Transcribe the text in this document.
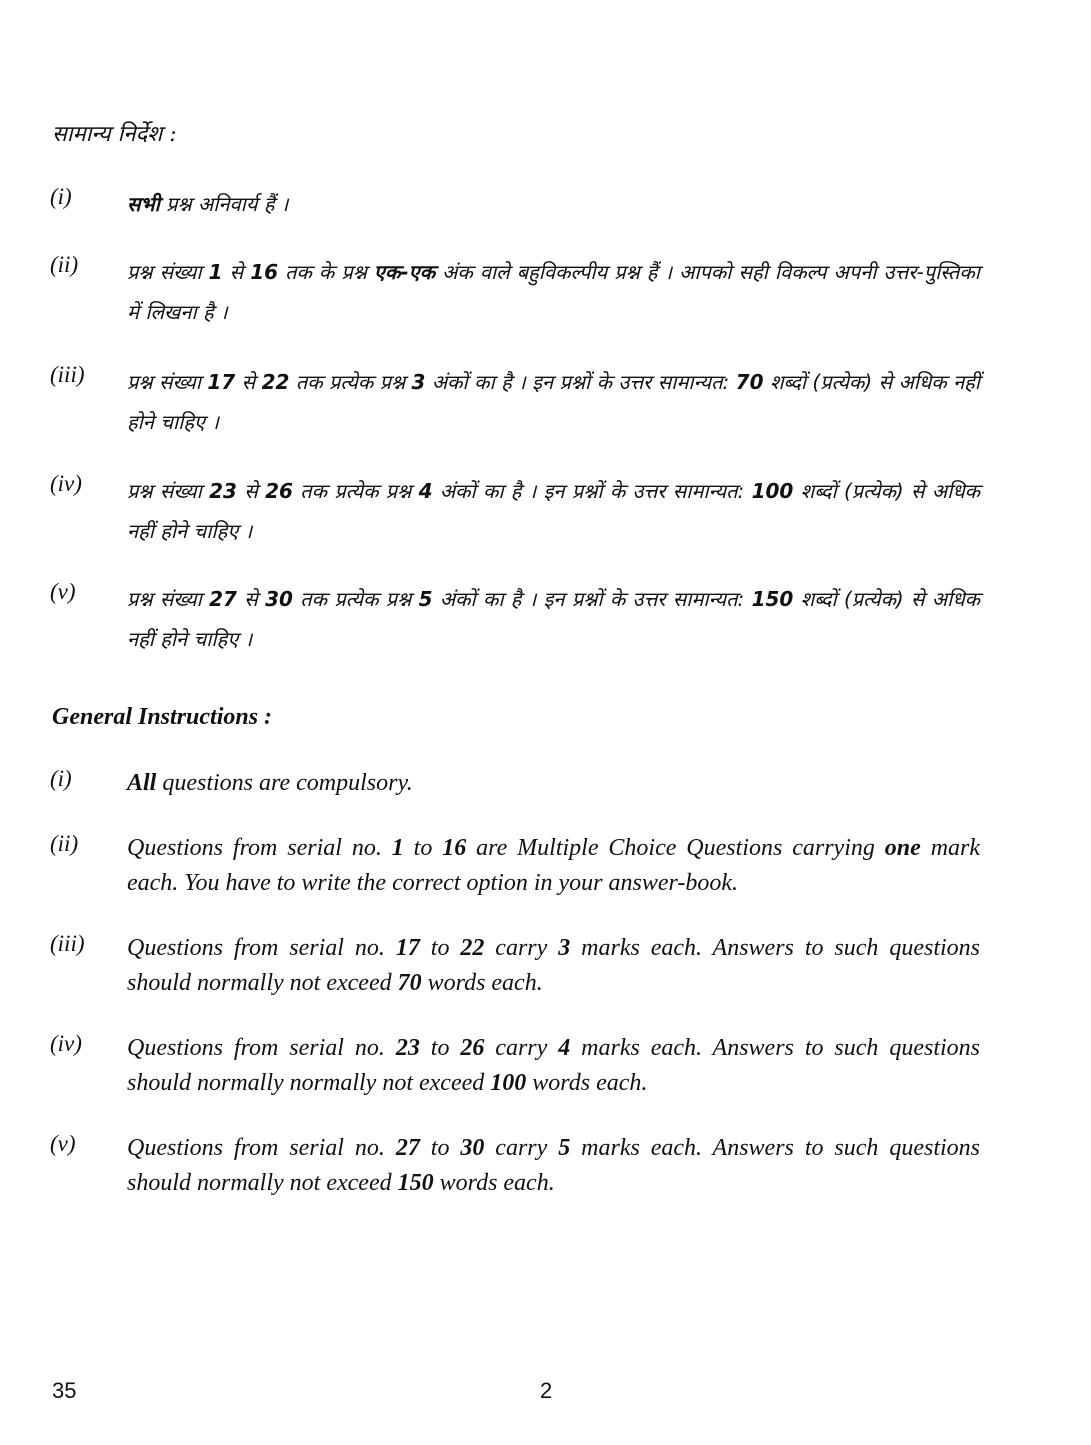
सामान्य निर्देश :
(i)	सभी प्रश्न अनिवार्य हैं ।
(ii)	प्रश्न संख्या 1 से 16 तक के प्रश्न एक-एक अंक वाले बहुविकल्पीय प्रश्न हैं । आपको सही विकल्प अपनी उत्तर-पुस्तिका में लिखना है ।
(iii)	प्रश्न संख्या 17 से 22 तक प्रत्येक प्रश्न 3 अंकों का है । इन प्रश्नों के उत्तर सामान्यत: 70 शब्दों (प्रत्येक) से अधिक नहीं होने चाहिए ।
(iv)	प्रश्न संख्या 23 से 26 तक प्रत्येक प्रश्न 4 अंकों का है । इन प्रश्नों के उत्तर सामान्यत: 100 शब्दों (प्रत्येक) से अधिक नहीं होने चाहिए ।
(v)	प्रश्न संख्या 27 से 30 तक प्रत्येक प्रश्न 5 अंकों का है । इन प्रश्नों के उत्तर सामान्यत: 150 शब्दों (प्रत्येक) से अधिक नहीं होने चाहिए ।
General Instructions :
(i)	All questions are compulsory.
(ii)	Questions from serial no. 1 to 16 are Multiple Choice Questions carrying one mark each. You have to write the correct option in your answer-book.
(iii)	Questions from serial no. 17 to 22 carry 3 marks each. Answers to such questions should normally not exceed 70 words each.
(iv)	Questions from serial no. 23 to 26 carry 4 marks each. Answers to such questions should normally normally not exceed 100 words each.
(v)	Questions from serial no. 27 to 30 carry 5 marks each. Answers to such questions should normally not exceed 150 words each.
35	2
